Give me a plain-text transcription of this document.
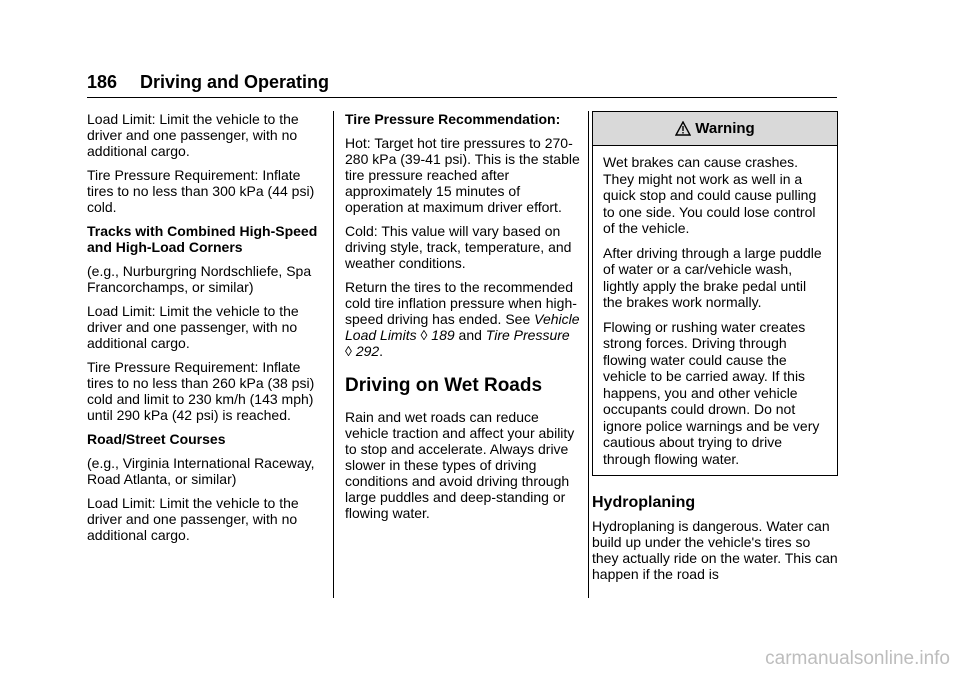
186 Driving and Operating

Load Limit: Limit the vehicle to the driver and one passenger, with no additional cargo.

Tire Pressure Requirement: Inflate tires to no less than 300 kPa (44 psi) cold.

Tracks with Combined High-Speed and High-Load Corners

(e.g., Nurburgring Nordschliefe, Spa Francorchamps, or similar)

Load Limit: Limit the vehicle to the driver and one passenger, with no additional cargo.

Tire Pressure Requirement: Inflate tires to no less than 260 kPa (38 psi) cold and limit to 230 km/h (143 mph) until 290 kPa (42 psi) is reached.

Road/Street Courses

(e.g., Virginia International Raceway, Road Atlanta, or similar)

Load Limit: Limit the vehicle to the driver and one passenger, with no additional cargo.

Tire Pressure Recommendation:

Hot: Target hot tire pressures to 270-280 kPa (39-41 psi). This is the stable tire pressure reached after approximately 15 minutes of operation at maximum driver effort.

Cold: This value will vary based on driving style, track, temperature, and weather conditions.

Return the tires to the recommended cold tire inflation pressure when high-speed driving has ended. See Vehicle Load Limits ◊ 189 and Tire Pressure ◊ 292.

Driving on Wet Roads

Rain and wet roads can reduce vehicle traction and affect your ability to stop and accelerate. Always drive slower in these types of driving conditions and avoid driving through large puddles and deep-standing or flowing water.

Warning

Wet brakes can cause crashes. They might not work as well in a quick stop and could cause pulling to one side. You could lose control of the vehicle.

After driving through a large puddle of water or a car/vehicle wash, lightly apply the brake pedal until the brakes work normally.

Flowing or rushing water creates strong forces. Driving through flowing water could cause the vehicle to be carried away. If this happens, you and other vehicle occupants could drown. Do not ignore police warnings and be very cautious about trying to drive through flowing water.

Hydroplaning

Hydroplaning is dangerous. Water can build up under the vehicle's tires so they actually ride on the water. This can happen if the road is

carmanualsonline.info
